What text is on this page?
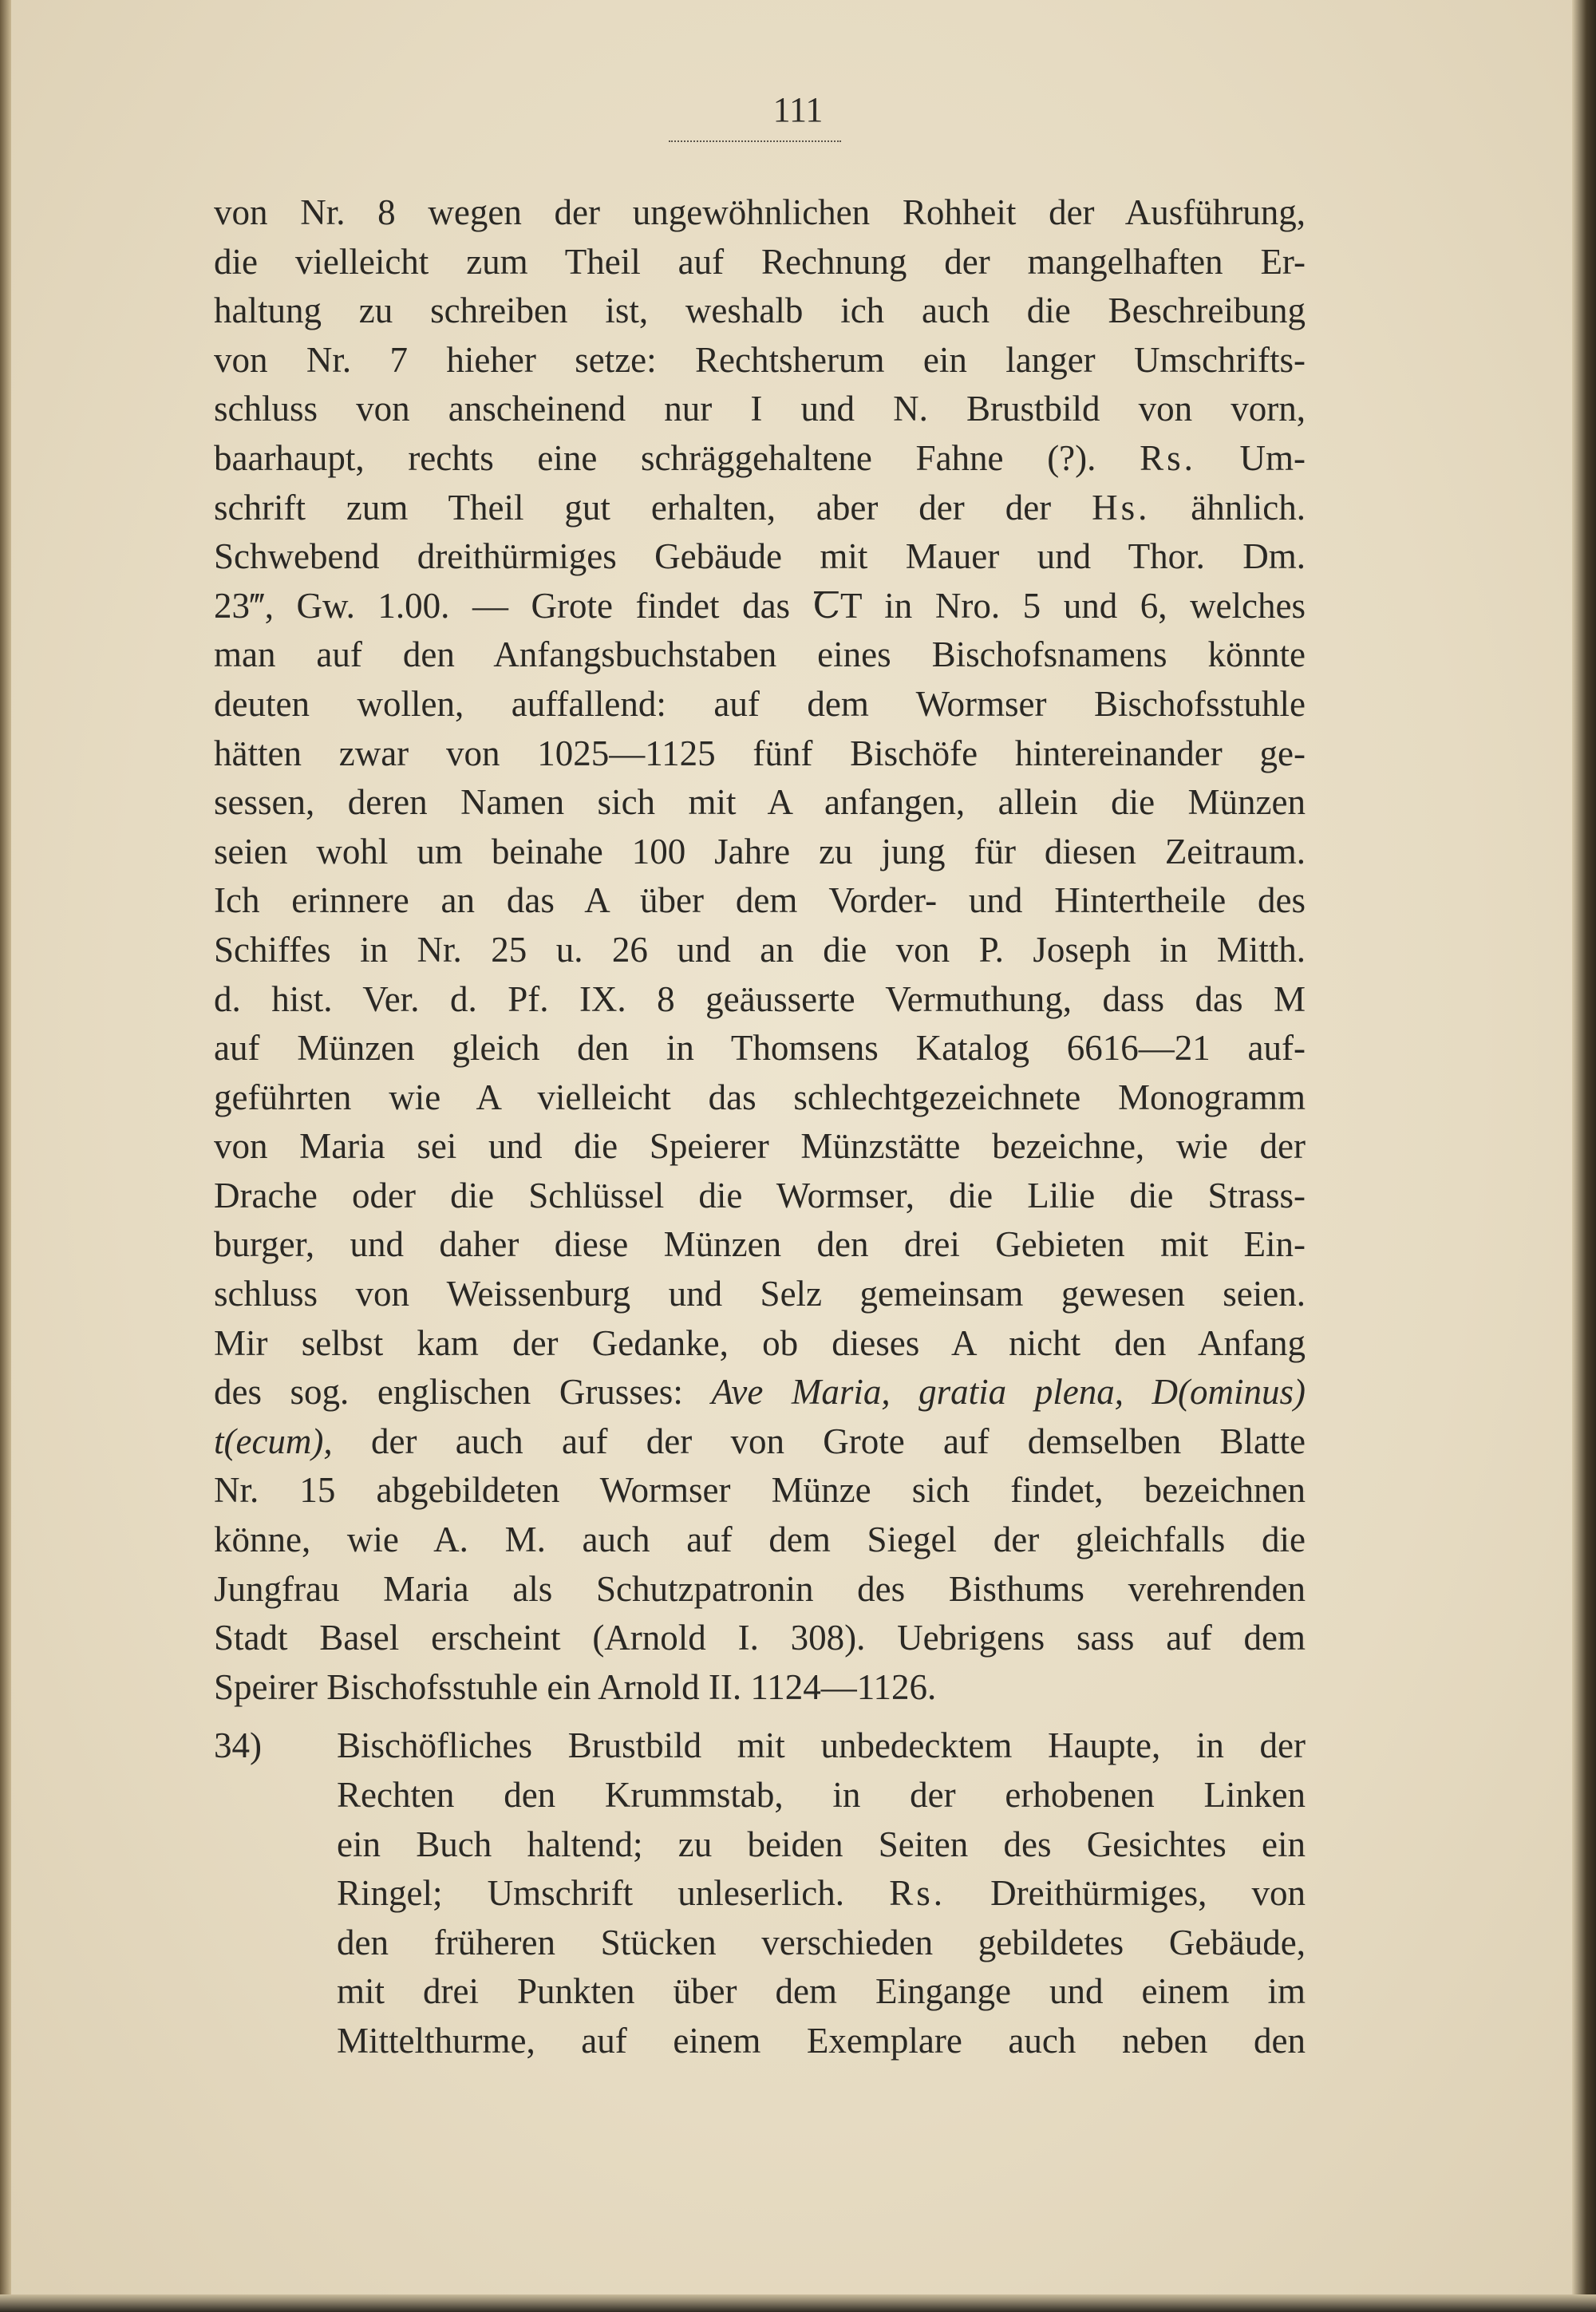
111
von Nr. 8 wegen der ungewöhnlichen Rohheit der Ausführung,
die vielleicht zum Theil auf Rechnung der mangelhaften Er-
haltung zu schreiben ist, weshalb ich auch die Beschreibung
von Nr. 7 hieher setze: Rechtsherum ein langer Umschrifts-
schluss von anscheinend nur I und N. Brustbild von vorn,
baarhaupt, rechts eine schräggehaltene Fahne (?). Rs. Um-
schrift zum Theil gut erhalten, aber der der Hs. ähnlich.
Schwebend dreithürmiges Gebäude mit Mauer und Thor. Dm.
23‴, Gw. 1.00. — Grote findet das ꞆT in Nro. 5 und 6, welches
man auf den Anfangsbuchstaben eines Bischofsnamens könnte
deuten wollen, auffallend: auf dem Wormser Bischofsstuhle
hätten zwar von 1025—1125 fünf Bischöfe hintereinander ge-
sessen, deren Namen sich mit A anfangen, allein die Münzen
seien wohl um beinahe 100 Jahre zu jung für diesen Zeitraum.
Ich erinnere an das A über dem Vorder- und Hintertheile des
Schiffes in Nr. 25 u. 26 und an die von P. Joseph in Mitth.
d. hist. Ver. d. Pf. IX. 8 geäusserte Vermuthung, dass das M
auf Münzen gleich den in Thomsens Katalog 6616—21 auf-
geführten wie A vielleicht das schlechtgezeichnete Monogramm
von Maria sei und die Speierer Münzstätte bezeichne, wie der
Drache oder die Schlüssel die Wormser, die Lilie die Strass-
burger, und daher diese Münzen den drei Gebieten mit Ein-
schluss von Weissenburg und Selz gemeinsam gewesen seien.
Mir selbst kam der Gedanke, ob dieses A nicht den Anfang
des sog. englischen Grusses: Ave Maria, gratia plena, D(ominus)
t(ecum), der auch auf der von Grote auf demselben Blatte
Nr. 15 abgebildeten Wormser Münze sich findet, bezeichnen
könne, wie A. M. auch auf dem Siegel der gleichfalls die
Jungfrau Maria als Schutzpatronin des Bisthums verehrenden
Stadt Basel erscheint (Arnold I. 308). Uebrigens sass auf dem
Speirer Bischofsstuhle ein Arnold II. 1124—1126.
34) Bischöfliches Brustbild mit unbedecktem Haupte, in der
Rechten den Krummstab, in der erhobenen Linken
ein Buch haltend; zu beiden Seiten des Gesichtes ein
Ringel; Umschrift unleserlich. Rs. Dreithürmiges, von
den früheren Stücken verschieden gebildetes Gebäude,
mit drei Punkten über dem Eingange und einem im
Mittelthurme, auf einem Exemplare auch neben den
